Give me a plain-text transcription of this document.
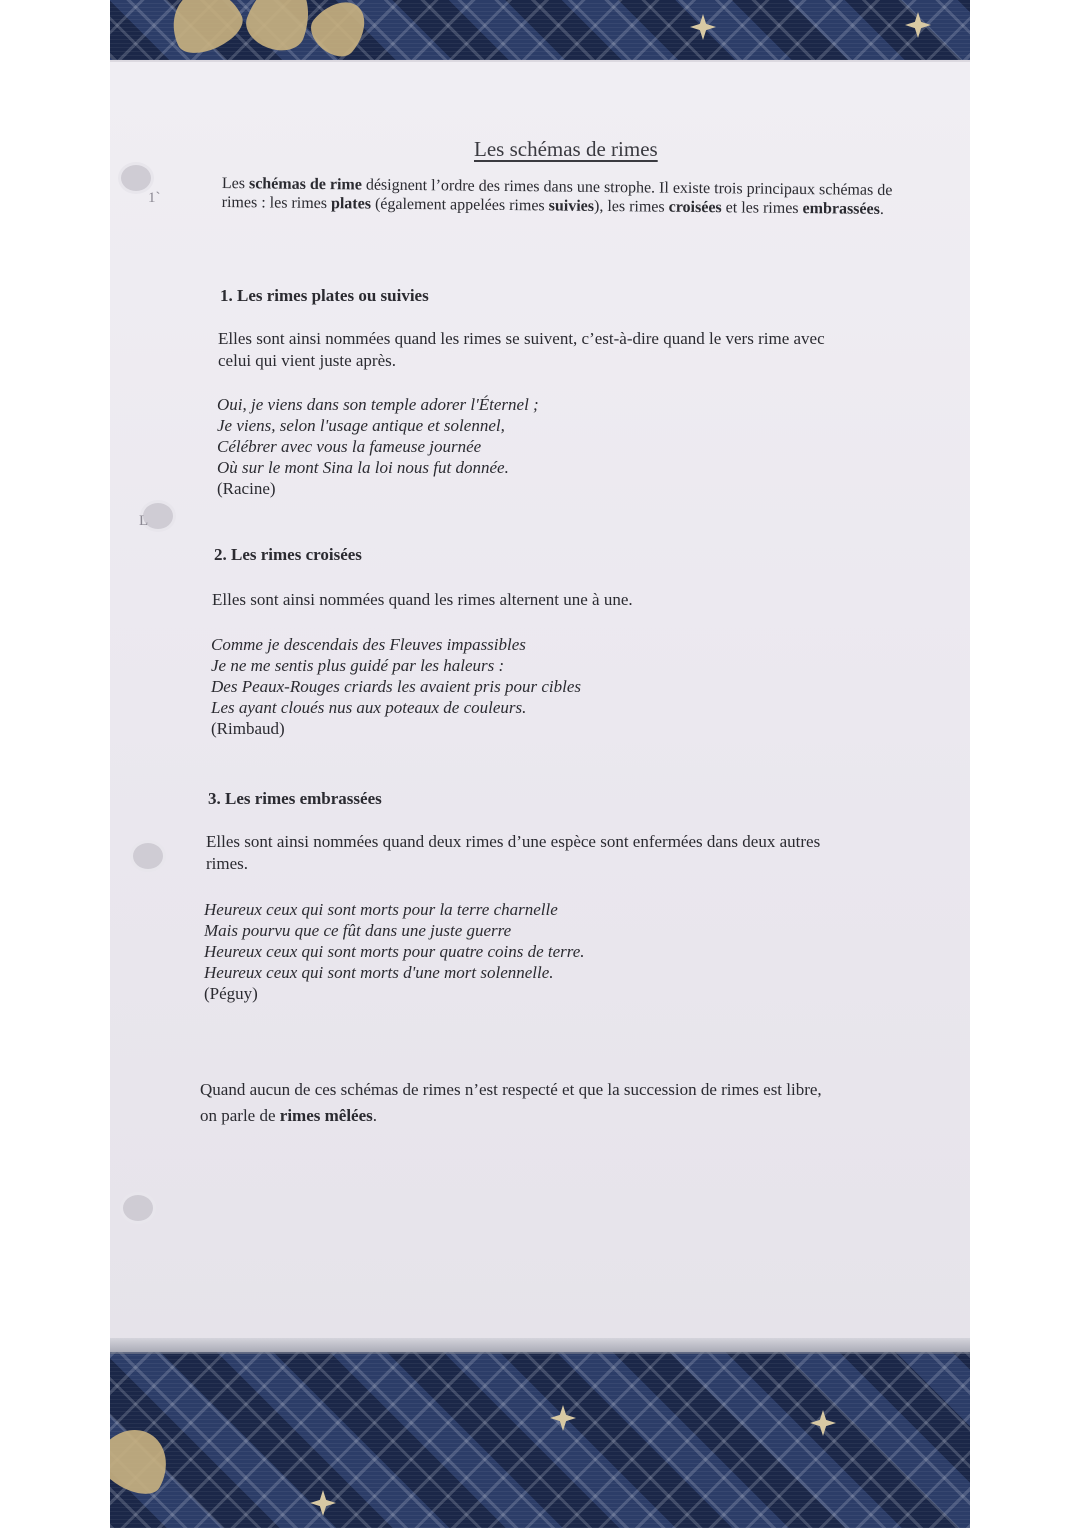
1`
L
Les schémas de rimes
Les schémas de rime désignent l’ordre des rimes dans une strophe. Il existe trois principaux schémas de rimes : les rimes plates (également appelées rimes suivies), les rimes croisées et les rimes embrassées.
1. Les rimes plates ou suivies
Elles sont ainsi nommées quand les rimes se suivent, c’est-à-dire quand le vers rime avec
celui qui vient juste après.
Oui, je viens dans son temple adorer l'Éternel ;
Je viens, selon l'usage antique et solennel,
Célébrer avec vous la fameuse journée
Où sur le mont Sina la loi nous fut donnée.
(Racine)
2. Les rimes croisées
Elles sont ainsi nommées quand les rimes alternent une à une.
Comme je descendais des Fleuves impassibles
Je ne me sentis plus guidé par les haleurs :
Des Peaux-Rouges criards les avaient pris pour cibles
Les ayant cloués nus aux poteaux de couleurs.
(Rimbaud)
3. Les rimes embrassées
Elles sont ainsi nommées quand deux rimes d’une espèce sont enfermées dans deux autres
rimes.
Heureux ceux qui sont morts pour la terre charnelle
Mais pourvu que ce fût dans une juste guerre
Heureux ceux qui sont morts pour quatre coins de terre.
Heureux ceux qui sont morts d'une mort solennelle.
(Péguy)
Quand aucun de ces schémas de rimes n’est respecté et que la succession de rimes est libre,
on parle de rimes mêlées.
